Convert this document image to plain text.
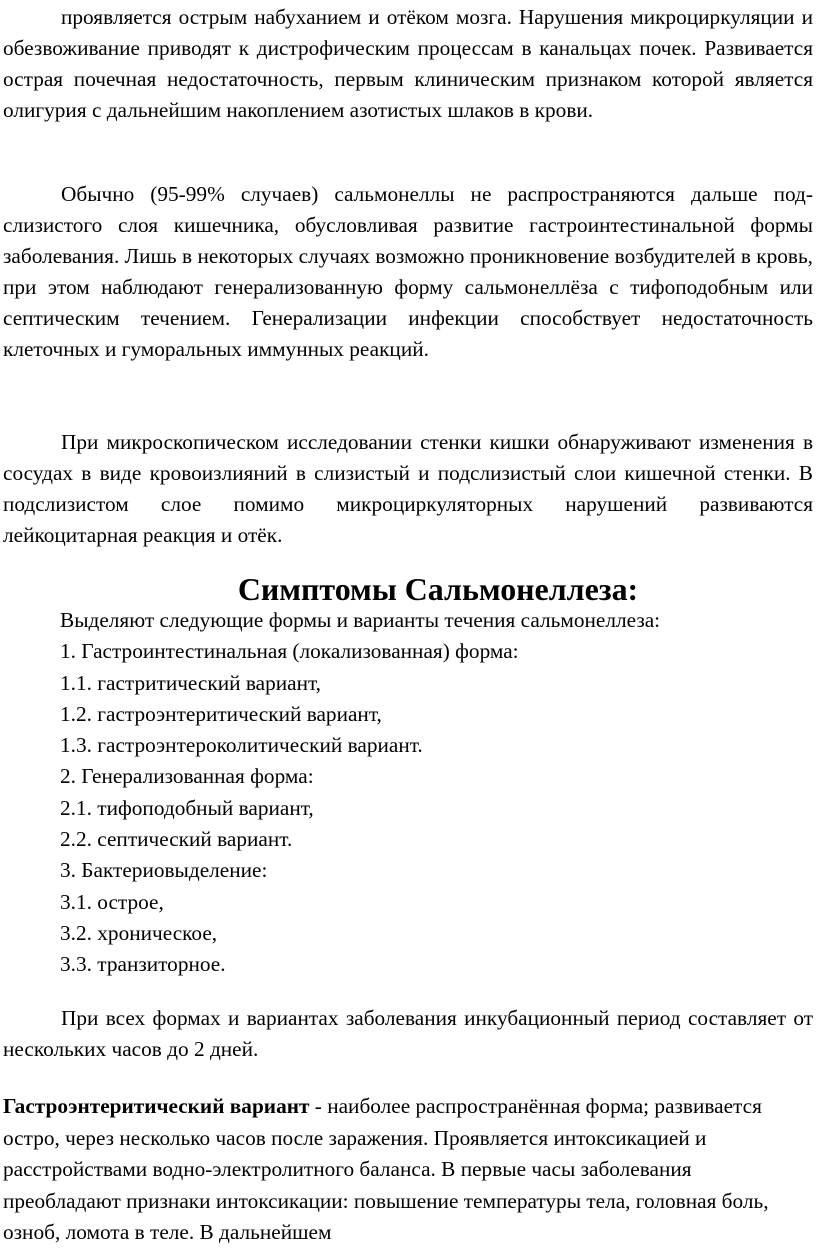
проявляется острым набуханием и отёком мозга. Нарушения микроциркуляции и обезвоживание приводят к дистрофическим процессам в канальцах почек. Развивается острая почечная недостаточность, первым клиническим признаком которой является олигурия с дальнейшим накоплением азотистых шлаков в крови.

Обычно (95-99% случаев) сальмонеллы не распространяются дальше под-слизистого слоя кишечника, обусловливая развитие гастроинтестинальной формы заболевания. Лишь в некоторых случаях возможно проникновение возбудителей в кровь, при этом наблюдают генерализованную форму сальмонеллёза с тифоподобным или септическим течением. Генерализации инфекции способствует недостаточность клеточных и гуморальных иммунных реакций.

При микроскопическом исследовании стенки кишки обнаруживают изменения в сосудах в виде кровоизлияний в слизистый и подслизистый слои кишечной стенки. В подслизистом слое помимо микроциркуляторных нарушений развиваются лейкоцитарная реакция и отёк.

Симптомы Сальмонеллеза:
Выделяют следующие формы и варианты течения сальмонеллеза:
1. Гастроинтестинальная (локализованная) форма:
1.1. гастритический вариант,
1.2. гастроэнтеритический вариант,
1.3. гастроэнтероколитический вариант.
2. Генерализованная форма:
2.1. тифоподобный вариант,
2.2. септический вариант.
3. Бактериовыделение:
3.1. острое,
3.2. хроническое,
3.3. транзиторное.

При всех формах и вариантах заболевания инкубационный период составляет от нескольких часов до 2 дней.

Гастроэнтеритический вариант - наиболее распространённая форма; развивается остро, через несколько часов после заражения. Проявляется интоксикацией и расстройствами водно-электролитного баланса. В первые часы заболевания преобладают признаки интоксикации: повышение температуры тела, головная боль, озноб, ломота в теле. В дальнейшем
